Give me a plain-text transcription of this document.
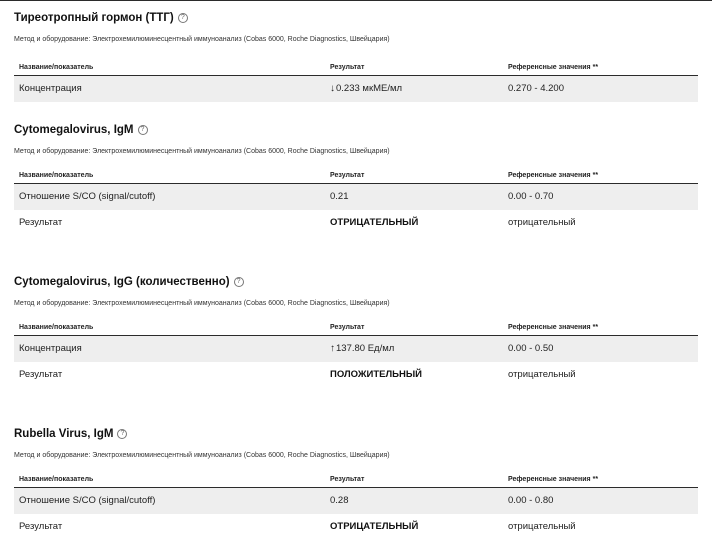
Тиреотропный гормон (ТТГ)	?
Метод и оборудование: Электрохемилюминесцентный иммуноанализ (Cobas 6000, Roche Diagnostics, Швейцария)
Название/показатель	Результат	Референсные значения **
Концентрация	↓0.233 мкМЕ/мл	0.270 - 4.200
Cytomegalovirus, IgM	?
Метод и оборудование: Электрохемилюминесцентный иммуноанализ (Cobas 6000, Roche Diagnostics, Швейцария)
Название/показатель	Результат	Референсные значения **
Отношение S/CO (signal/cutoff)	0.21	0.00 - 0.70
Результат	ОТРИЦАТЕЛЬНЫЙ	отрицательный
Cytomegalovirus, IgG (количественно)	?
Метод и оборудование: Электрохемилюминесцентный иммуноанализ (Cobas 6000, Roche Diagnostics, Швейцария)
Название/показатель	Результат	Референсные значения **
Концентрация	↑137.80 Ед/мл	0.00 - 0.50
Результат	ПОЛОЖИТЕЛЬНЫЙ	отрицательный
Rubella Virus, IgM	?
Метод и оборудование: Электрохемилюминесцентный иммуноанализ (Cobas 6000, Roche Diagnostics, Швейцария)
Название/показатель	Результат	Референсные значения **
Отношение S/CO (signal/cutoff)	0.28	0.00 - 0.80
Результат	ОТРИЦАТЕЛЬНЫЙ	отрицательный
